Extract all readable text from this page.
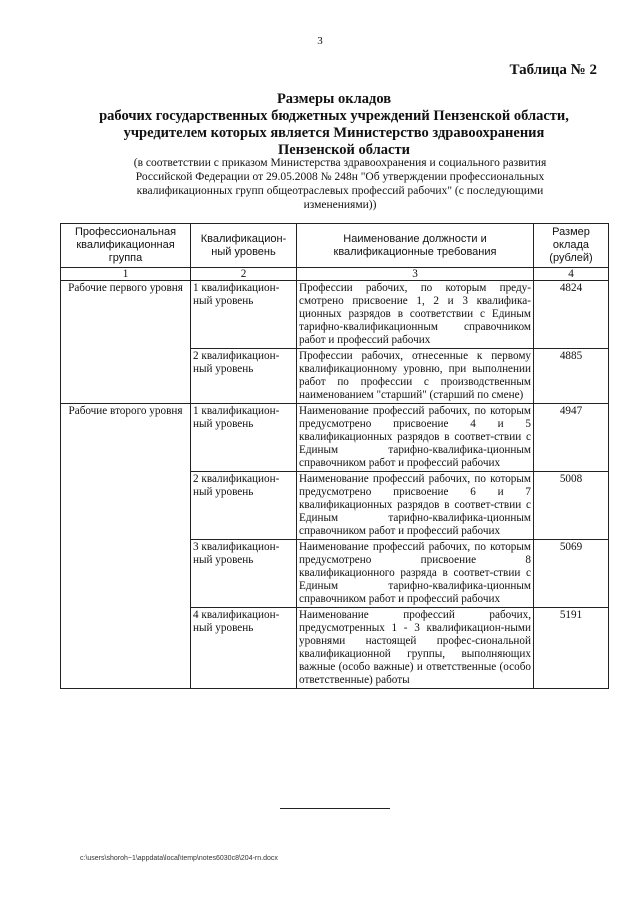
3
Таблица № 2
Размеры окладов
рабочих государственных бюджетных учреждений Пензенской области,
учредителем которых является Министерство здравоохранения
Пензенской области
(в соответствии с приказом Министерства здравоохранения и социального развития
Российской Федерации от 29.05.2008 № 248н "Об утверждении профессиональных
квалификационных групп общеотраслевых профессий рабочих" (с последующими
изменениями))
Профессиональная квалификационная группа	Квалификацион-ный уровень	Наименование должности и квалификационные требования	Размер оклада (рублей)
1	2	3	4
Рабочие первого уровня	1 квалификацион-ный уровень	Профессии рабочих, по которым преду-смотрено присвоение 1, 2 и 3 квалифика-ционных разрядов в соответствии с Единым тарифно-квалификационным справочником работ и профессий рабочих	4824
	2 квалификацион-ный уровень	Профессии рабочих, отнесенные к первому квалификационному уровню, при выполнении работ по профессии с производственным наименованием "старший" (старший по смене)	4885
Рабочие второго уровня	1 квалификацион-ный уровень	Наименование профессий рабочих, по которым предусмотрено присвоение 4 и 5 квалификационных разрядов в соответ-ствии с Единым тарифно-квалифика-ционным справочником работ и профессий рабочих	4947
	2 квалификацион-ный уровень	Наименование профессий рабочих, по которым предусмотрено присвоение 6 и 7 квалификационных разрядов в соответ-ствии с Единым тарифно-квалифика-ционным справочником работ и профессий рабочих	5008
	3 квалификацион-ный уровень	Наименование профессий рабочих, по которым предусмотрено присвоение 8 квалификационного разряда в соответ-ствии с Единым тарифно-квалифика-ционным справочником работ и профессий рабочих	5069
	4 квалификацион-ный уровень	Наименование профессий рабочих, предусмотренных 1 - 3 квалификацион-ными уровнями настоящей профес-сиональной квалификационной группы, выполняющих важные (особо важные) и ответственные (особо ответственные) работы	5191
c:\users\shoroh~1\appdata\local\temp\notes6030c8\204-rn.docx
